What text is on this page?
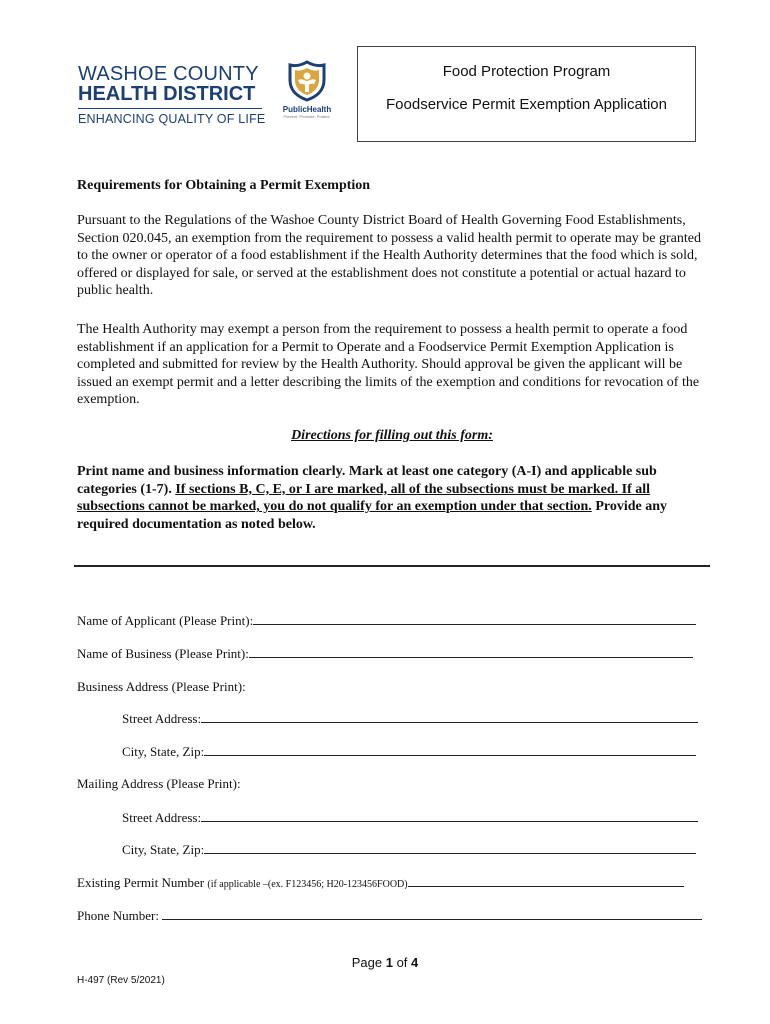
WASHOE COUNTY
HEALTH DISTRICT
ENHANCING QUALITY OF LIFE
PublicHealth
Prevent. Promote. Protect.
Food Protection Program
Foodservice Permit Exemption Application
Requirements for Obtaining a Permit Exemption
Pursuant to the Regulations of the Washoe County District Board of Health Governing Food Establishments, Section 020.045, an exemption from the requirement to possess a valid health permit to operate may be granted to the owner or operator of a food establishment if the Health Authority determines that the food which is sold, offered or displayed for sale, or served at the establishment does not constitute a potential or actual hazard to public health.
The Health Authority may exempt a person from the requirement to possess a health permit to operate a food establishment if an application for a Permit to Operate and a Foodservice Permit Exemption Application is completed and submitted for review by the Health Authority. Should approval be given the applicant will be issued an exempt permit and a letter describing the limits of the exemption and conditions for revocation of the exemption.
Directions for filling out this form:
Print name and business information clearly. Mark at least one category (A-I) and applicable sub categories (1-7). If sections B, C, E, or I are marked, all of the subsections must be marked. If all subsections cannot be marked, you do not qualify for an exemption under that section. Provide any required documentation as noted below.
Name of Applicant (Please Print):
Name of Business (Please Print):
Business Address (Please Print):
Street Address:
City, State, Zip:
Mailing Address (Please Print):
Street Address:
City, State, Zip:
Existing Permit Number (if applicable –(ex. F123456; H20-123456FOOD)
Phone Number:
Page 1 of 4
H-497 (Rev 5/2021)
